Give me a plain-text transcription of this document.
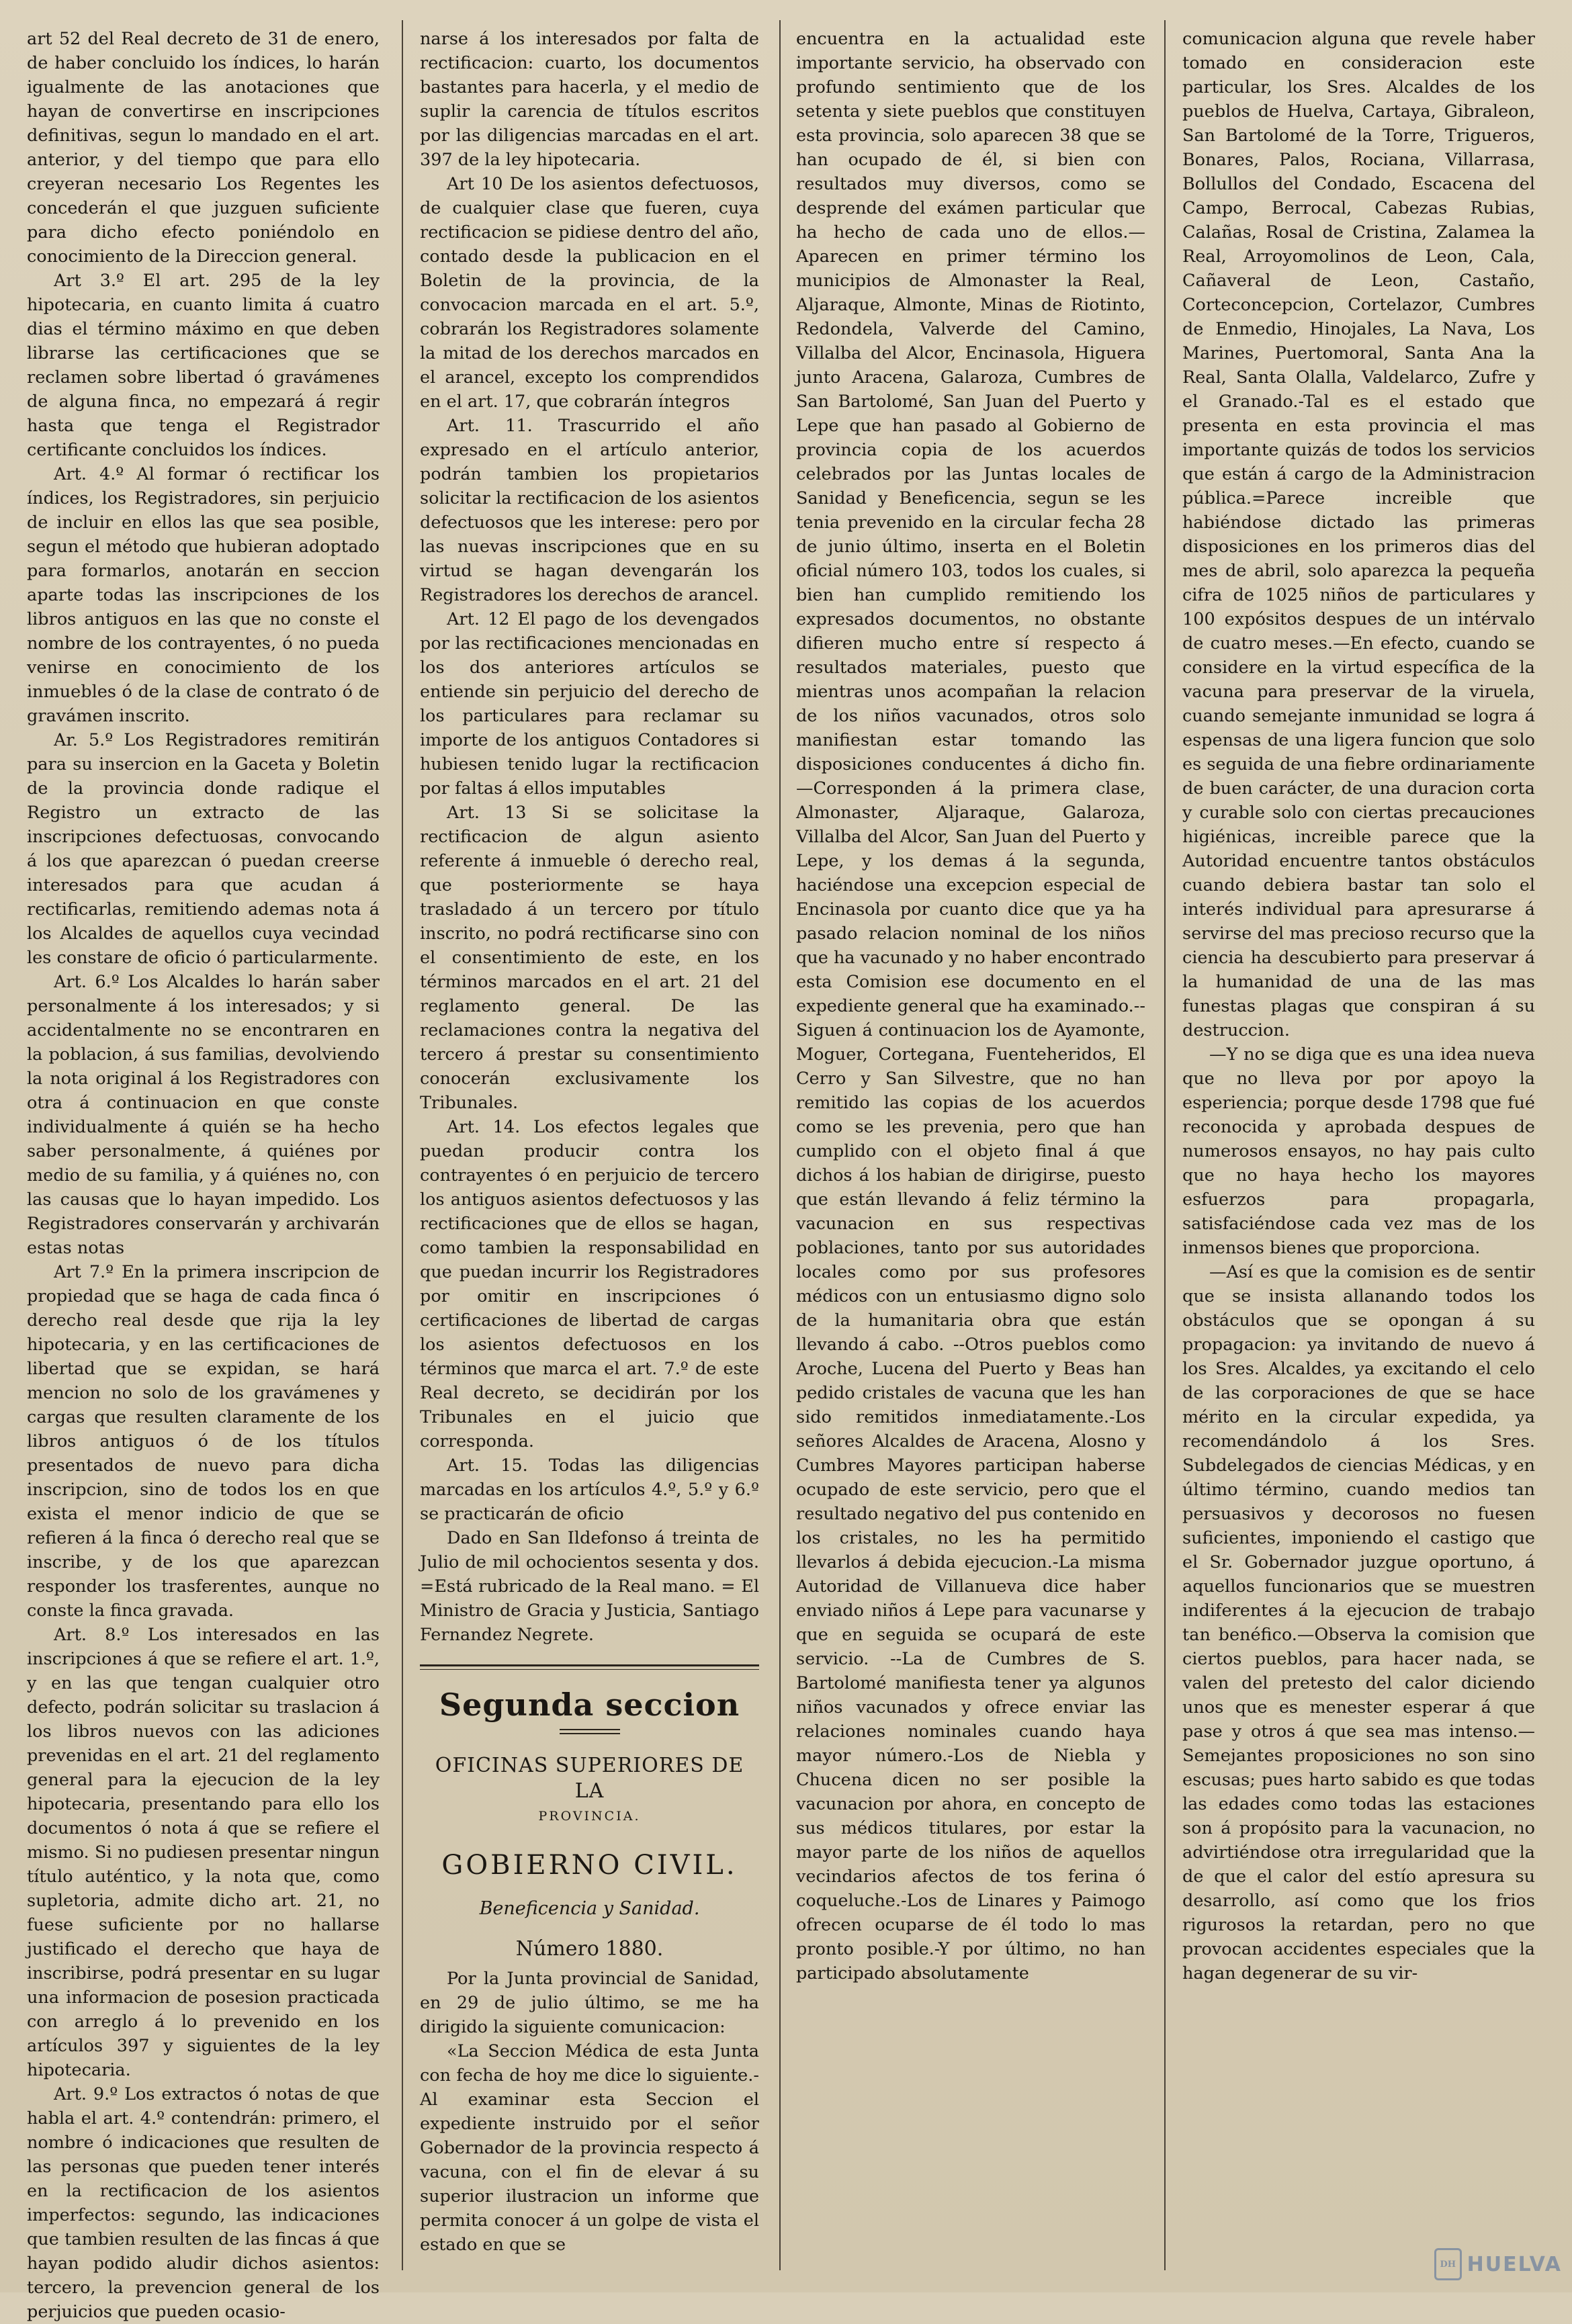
art 52 del Real decreto de 31 de enero, de haber concluido los índices, lo harán igualmente de las anotaciones que hayan de convertirse en inscripciones definitivas, segun lo mandado en el art. anterior, y del tiempo que para ello creyeran necesario Los Regentes les concederán el que juzguen suficiente para dicho efecto poniéndolo en conocimiento de la Direccion general.

Art 3.º El art. 295 de la ley hipotecaria, en cuanto limita á cuatro dias el término máximo en que deben librarse las certificaciones que se reclamen sobre libertad ó gravámenes de alguna finca, no empezará á regir hasta que tenga el Registrador certificante concluidos los índices.

Art. 4.º Al formar ó rectificar los índices, los Registradores, sin perjuicio de incluir en ellos las que sea posible, segun el método que hubieran adoptado para formarlos, anotarán en seccion aparte todas las inscripciones de los libros antiguos en las que no conste el nombre de los contrayentes, ó no pueda venirse en conocimiento de los inmuebles ó de la clase de contrato ó de gravámen inscrito.

Ar. 5.º Los Registradores remitirán para su insercion en la Gaceta y Boletin de la provincia donde radique el Registro un extracto de las inscripciones defectuosas, convocando á los que aparezcan ó puedan creerse interesados para que acudan á rectificarlas, remitiendo ademas nota á los Alcaldes de aquellos cuya vecindad les constare de oficio ó particularmente.

Art. 6.º Los Alcaldes lo harán saber personalmente á los interesados; y si accidentalmente no se encontraren en la poblacion, á sus familias, devolviendo la nota original á los Registradores con otra á continuacion en que conste individualmente á quién se ha hecho saber personalmente, á quiénes por medio de su familia, y á quiénes no, con las causas que lo hayan impedido. Los Registradores conservarán y archivarán estas notas

Art 7.º En la primera inscripcion de propiedad que se haga de cada finca ó derecho real desde que rija la ley hipotecaria, y en las certificaciones de libertad que se expidan, se hará mencion no solo de los gravámenes y cargas que resulten claramente de los libros antiguos ó de los títulos presentados de nuevo para dicha inscripcion, sino de todos los en que exista el menor indicio de que se refieren á la finca ó derecho real que se inscribe, y de los que aparezcan responder los trasferentes, aunque no conste la finca gravada.

Art. 8.º Los interesados en las inscripciones á que se refiere el art. 1.º, y en las que tengan cualquier otro defecto, podrán solicitar su traslacion á los libros nuevos con las adiciones prevenidas en el art. 21 del reglamento general para la ejecucion de la ley hipotecaria, presentando para ello los documentos ó nota á que se refiere el mismo. Si no pudiesen presentar ningun título auténtico, y la nota que, como supletoria, admite dicho art. 21, no fuese suficiente por no hallarse justificado el derecho que haya de inscribirse, podrá presentar en su lugar una informacion de posesion practicada con arreglo á lo prevenido en los artículos 397 y siguientes de la ley hipotecaria.

Art. 9.º Los extractos ó notas de que habla el art. 4.º contendrán: primero, el nombre ó indicaciones que resulten de las personas que pueden tener interés en la rectificacion de los asientos imperfectos: segundo, las indicaciones que tambien resulten de las fincas á que hayan podido aludir dichos asientos: tercero, la prevencion general de los perjuicios que pueden ocasio-

narse á los interesados por falta de rectificacion: cuarto, los documentos bastantes para hacerla, y el medio de suplir la carencia de títulos escritos por las diligencias marcadas en el art. 397 de la ley hipotecaria.

Art 10 De los asientos defectuosos, de cualquier clase que fueren, cuya rectificacion se pidiese dentro del año, contado desde la publicacion en el Boletin de la provincia, de la convocacion marcada en el art. 5.º, cobrarán los Registradores solamente la mitad de los derechos marcados en el arancel, excepto los comprendidos en el art. 17, que cobrarán íntegros

Art. 11. Trascurrido el año expresado en el artículo anterior, podrán tambien los propietarios solicitar la rectificacion de los asientos defectuosos que les interese: pero por las nuevas inscripciones que en su virtud se hagan devengarán los Registradores los derechos de arancel.

Art. 12 El pago de los devengados por las rectificaciones mencionadas en los dos anteriores artículos se entiende sin perjuicio del derecho de los particulares para reclamar su importe de los antiguos Contadores si hubiesen tenido lugar la rectificacion por faltas á ellos imputables

Art. 13 Si se solicitase la rectificacion de algun asiento referente á inmueble ó derecho real, que posteriormente se haya trasladado á un tercero por título inscrito, no podrá rectificarse sino con el consentimiento de este, en los términos marcados en el art. 21 del reglamento general. De las reclamaciones contra la negativa del tercero á prestar su consentimiento conocerán exclusivamente los Tribunales.

Art. 14. Los efectos legales que puedan producir contra los contrayentes ó en perjuicio de tercero los antiguos asientos defectuosos y las rectificaciones que de ellos se hagan, como tambien la responsabilidad en que puedan incurrir los Registradores por omitir en inscripciones ó certificaciones de libertad de cargas los asientos defectuosos en los términos que marca el art. 7.º de este Real decreto, se decidirán por los Tribunales en el juicio que corresponda.

Art. 15. Todas las diligencias marcadas en los artículos 4.º, 5.º y 6.º se practicarán de oficio

Dado en San Ildefonso á treinta de Julio de mil ochocientos sesenta y dos. =Está rubricado de la Real mano. = El Ministro de Gracia y Justicia, Santiago Fernandez Negrete.

Segunda seccion
OFICINAS SUPERIORES DE LA
PROVINCIA.
GOBIERNO CIVIL.
Beneficencia y Sanidad.
Número 1880.

Por la Junta provincial de Sanidad, en 29 de julio último, se me ha dirigido la siguiente comunicacion:

«La Seccion Médica de esta Junta con fecha de hoy me dice lo siguiente.-Al examinar esta Seccion el expediente instruido por el señor Gobernador de la provincia respecto á vacuna, con el fin de elevar á su superior ilustracion un informe que permita conocer á un golpe de vista el estado en que se

encuentra en la actualidad este importante servicio, ha observado con profundo sentimiento que de los setenta y siete pueblos que constituyen esta provincia, solo aparecen 38 que se han ocupado de él, si bien con resultados muy diversos, como se desprende del exámen particular que ha hecho de cada uno de ellos.—Aparecen en primer término los municipios de Almonaster la Real, Aljaraque, Almonte, Minas de Riotinto, Redondela, Valverde del Camino, Villalba del Alcor, Encinasola, Higuera junto Aracena, Galaroza, Cumbres de San Bartolomé, San Juan del Puerto y Lepe que han pasado al Gobierno de provincia copia de los acuerdos celebrados por las Juntas locales de Sanidad y Beneficencia, segun se les tenia prevenido en la circular fecha 28 de junio último, inserta en el Boletin oficial número 103, todos los cuales, si bien han cumplido remitiendo los expresados documentos, no obstante difieren mucho entre sí respecto á resultados materiales, puesto que mientras unos acompañan la relacion de los niños vacunados, otros solo manifiestan estar tomando las disposiciones conducentes á dicho fin.—Corresponden á la primera clase, Almonaster, Aljaraque, Galaroza, Villalba del Alcor, San Juan del Puerto y Lepe, y los demas á la segunda, haciéndose una excepcion especial de Encinasola por cuanto dice que ya ha pasado relacion nominal de los niños que ha vacunado y no haber encontrado esta Comision ese documento en el expediente general que ha examinado.--Siguen á continuacion los de Ayamonte, Moguer, Cortegana, Fuenteheridos, El Cerro y San Silvestre, que no han remitido las copias de los acuerdos como se les prevenia, pero que han cumplido con el objeto final á que dichos á los habian de dirigirse, puesto que están llevando á feliz término la vacunacion en sus respectivas poblaciones, tanto por sus autoridades locales como por sus profesores médicos con un entusiasmo digno solo de la humanitaria obra que están llevando á cabo. --Otros pueblos como Aroche, Lucena del Puerto y Beas han pedido cristales de vacuna que les han sido remitidos inmediatamente.-Los señores Alcaldes de Aracena, Alosno y Cumbres Mayores participan haberse ocupado de este servicio, pero que el resultado negativo del pus contenido en los cristales, no les ha permitido llevarlos á debida ejecucion.-La misma Autoridad de Villanueva dice haber enviado niños á Lepe para vacunarse y que en seguida se ocupará de este servicio. --La de Cumbres de S. Bartolomé manifiesta tener ya algunos niños vacunados y ofrece enviar las relaciones nominales cuando haya mayor número.-Los de Niebla y Chucena dicen no ser posible la vacunacion por ahora, en concepto de sus médicos titulares, por estar la mayor parte de los niños de aquellos vecindarios afectos de tos ferina ó coqueluche.-Los de Linares y Paimogo ofrecen ocuparse de él todo lo mas pronto posible.-Y por último, no han participado absolutamente

comunicacion alguna que revele haber tomado en consideracion este particular, los Sres. Alcaldes de los pueblos de Huelva, Cartaya, Gibraleon, San Bartolomé de la Torre, Trigueros, Bonares, Palos, Rociana, Villarrasa, Bollullos del Condado, Escacena del Campo, Berrocal, Cabezas Rubias, Calañas, Rosal de Cristina, Zalamea la Real, Arroyomolinos de Leon, Cala, Cañaveral de Leon, Castaño, Corteconcepcion, Cortelazor, Cumbres de Enmedio, Hinojales, La Nava, Los Marines, Puertomoral, Santa Ana la Real, Santa Olalla, Valdelarco, Zufre y el Granado.-Tal es el estado que presenta en esta provincia el mas importante quizás de todos los servicios que están á cargo de la Administracion pública.=Parece increible que habiéndose dictado las primeras disposiciones en los primeros dias del mes de abril, solo aparezca la pequeña cifra de 1025 niños de particulares y 100 expósitos despues de un intérvalo de cuatro meses.—En efecto, cuando se considere en la virtud específica de la vacuna para preservar de la viruela, cuando semejante inmunidad se logra á espensas de una ligera funcion que solo es seguida de una fiebre ordinariamente de buen carácter, de una duracion corta y curable solo con ciertas precauciones higiénicas, increible parece que la Autoridad encuentre tantos obstáculos cuando debiera bastar tan solo el interés individual para apresurarse á servirse del mas precioso recurso que la ciencia ha descubierto para preservar á la humanidad de una de las mas funestas plagas que conspiran á su destruccion.

—Y no se diga que es una idea nueva que no lleva por por apoyo la esperiencia; porque desde 1798 que fué reconocida y aprobada despues de numerosos ensayos, no hay pais culto que no haya hecho los mayores esfuerzos para propagarla, satisfaciéndose cada vez mas de los inmensos bienes que proporciona.

—Así es que la comision es de sentir que se insista allanando todos los obstáculos que se opongan á su propagacion: ya invitando de nuevo á los Sres. Alcaldes, ya excitando el celo de las corporaciones de que se hace mérito en la circular expedida, ya recomendándolo á los Sres. Subdelegados de ciencias Médicas, y en último término, cuando medios tan persuasivos y decorosos no fuesen suficientes, imponiendo el castigo que el Sr. Gobernador juzgue oportuno, á aquellos funcionarios que se muestren indiferentes á la ejecucion de trabajo tan benéfico.—Observa la comision que ciertos pueblos, para hacer nada, se valen del pretesto del calor diciendo unos que es menester esperar á que pase y otros á que sea mas intenso.—Semejantes proposiciones no son sino escusas; pues harto sabido es que todas las edades como todas las estaciones son á propósito para la vacunacion, no advirtiéndose otra irregularidad que la de que el calor del estío apresura su desarrollo, así como que los frios rigurosos la retardan, pero no que provocan accidentes especiales que la hagan degenerar de su vir-

DH HUELVA
